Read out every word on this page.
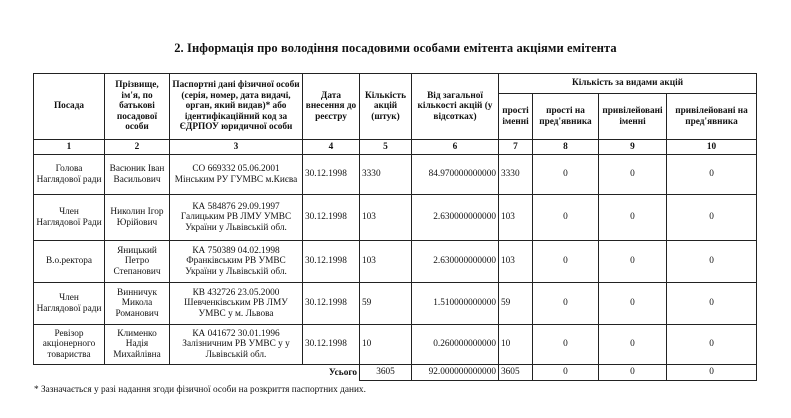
2. Інформація про володіння посадовими особами емітента акціями емітента
Посада	Прізвище, ім'я, по батькові посадової особи	Паспортні дані фізичної особи (серія, номер, дата видачі, орган, який видав)* або ідентифікаційний код за ЄДРПОУ юридичної особи	Дата внесення до реєстру	Кількість акцій (штук)	Від загальної кількості акцій (у відсотках)	Кількість за видами акцій			
						прості іменні	прості на пред'явника	привілейовані іменні	привілейовані на пред'явника
1	2	3	4	5	6	7	8	9	10
Голова Наглядової ради	Васюник Іван Васильович	СО 669332 05.06.2001 Мінським РУ ГУМВС м.Києва	30.12.1998	3330	84.970000000000	3330	0	0	0
Член Наглядової Ради	Николин Ігор Юрійович	КА 584876 29.09.1997 Галицьким РВ ЛМУ УМВС України у Львівській обл.	30.12.1998	103	2.630000000000	103	0	0	0
В.о.ректора	Яницький Петро Степанович	КА 750389 04.02.1998 Франківським РВ УМВС України у Львівській обл.	30.12.1998	103	2.630000000000	103	0	0	0
Член Наглядової ради	Винничук Микола Романович	КВ 432726 23.05.2000 Шевченківським РВ ЛМУ УМВС у м. Львова	30.12.1998	59	1.510000000000	59	0	0	0
Ревізор акціонерного товариства	Клименко Надія Михайлівна	КА 041672 30.01.1996 Залізничним РВ УМВС у у Львівській обл.	30.12.1998	10	0.260000000000	10	0	0	0

Усього				3605	92.000000000000	3605	0	0	0
* Зазначається у разі надання згоди фізичної особи на розкриття паспортних даних.
